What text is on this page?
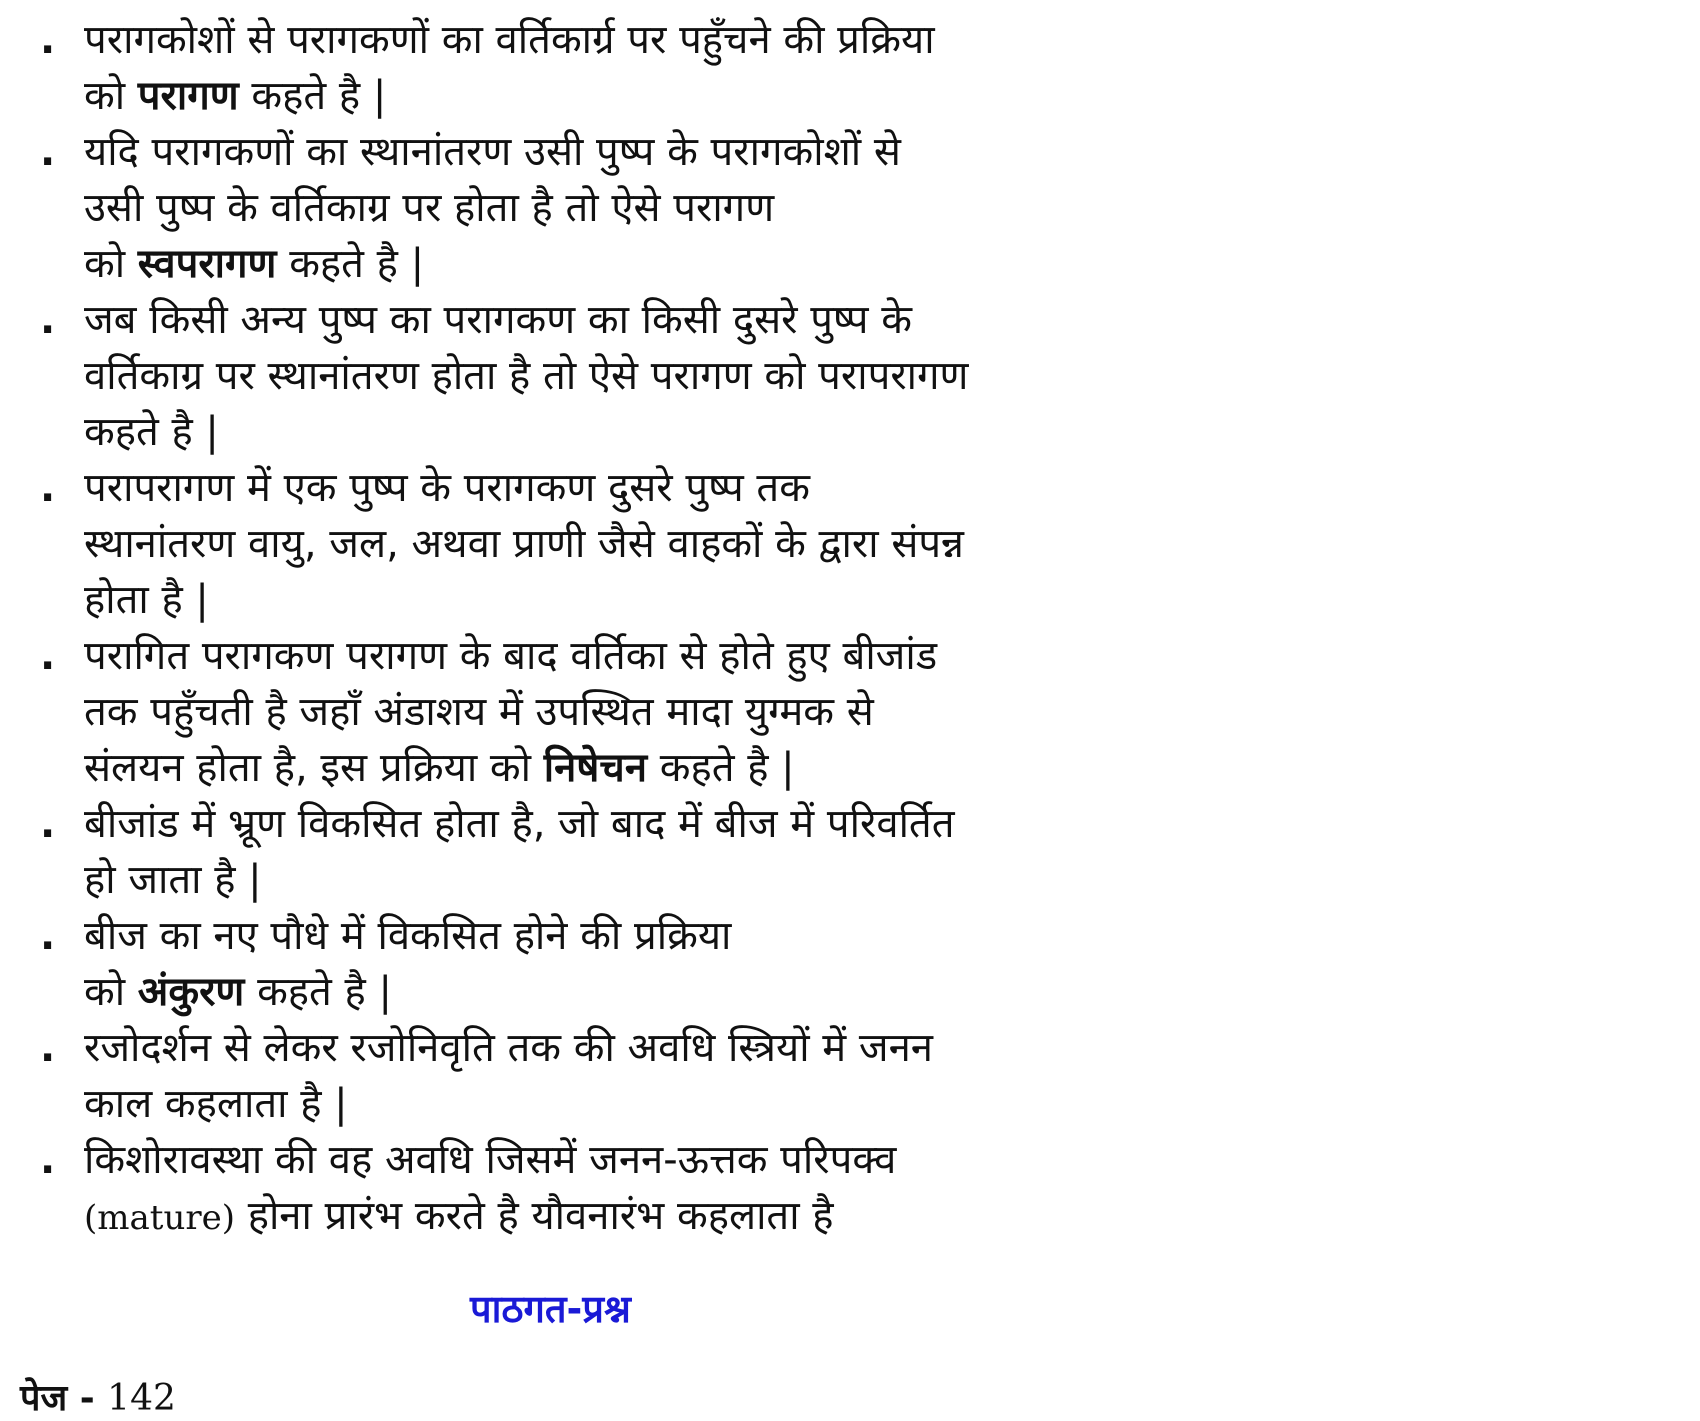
. परागकोशों से परागकणों का वर्तिकार्ग्र पर पहुँचने की प्रक्रिया
को परागण कहते है |
. यदि परागकणों का स्थानांतरण उसी पुष्प के परागकोशों से
उसी पुष्प के वर्तिकाग्र पर होता है तो ऐसे परागण
को स्वपरागण कहते है |
. जब किसी अन्य पुष्प का परागकण का किसी दुसरे पुष्प के
वर्तिकाग्र पर स्थानांतरण होता है तो ऐसे परागण को परापरागण
कहते है |
. परापरागण में एक पुष्प के परागकण दुसरे पुष्प तक
स्थानांतरण वायु, जल, अथवा प्राणी जैसे वाहकों के द्वारा संपन्न
होता है |
. परागित परागकण परागण के बाद वर्तिका से होते हुए बीजांड
तक पहुँचती है जहाँ अंडाशय में उपस्थित मादा युग्मक से
संलयन होता है, इस प्रक्रिया को निषेचन कहते है |
. बीजांड में भ्रूण विकसित होता है, जो बाद में बीज में परिवर्तित
हो जाता है |
. बीज का नए पौधे में विकसित होने की प्रक्रिया
को अंकुरण कहते है |
. रजोदर्शन से लेकर रजोनिवृति तक की अवधि स्त्रियों में जनन
काल कहलाता है |
. किशोरावस्था की वह अवधि जिसमें जनन-ऊत्तक परिपक्व
(mature) होना प्रारंभ करते है यौवनारंभ कहलाता है
पाठगत-प्रश्न
पेज - 142
